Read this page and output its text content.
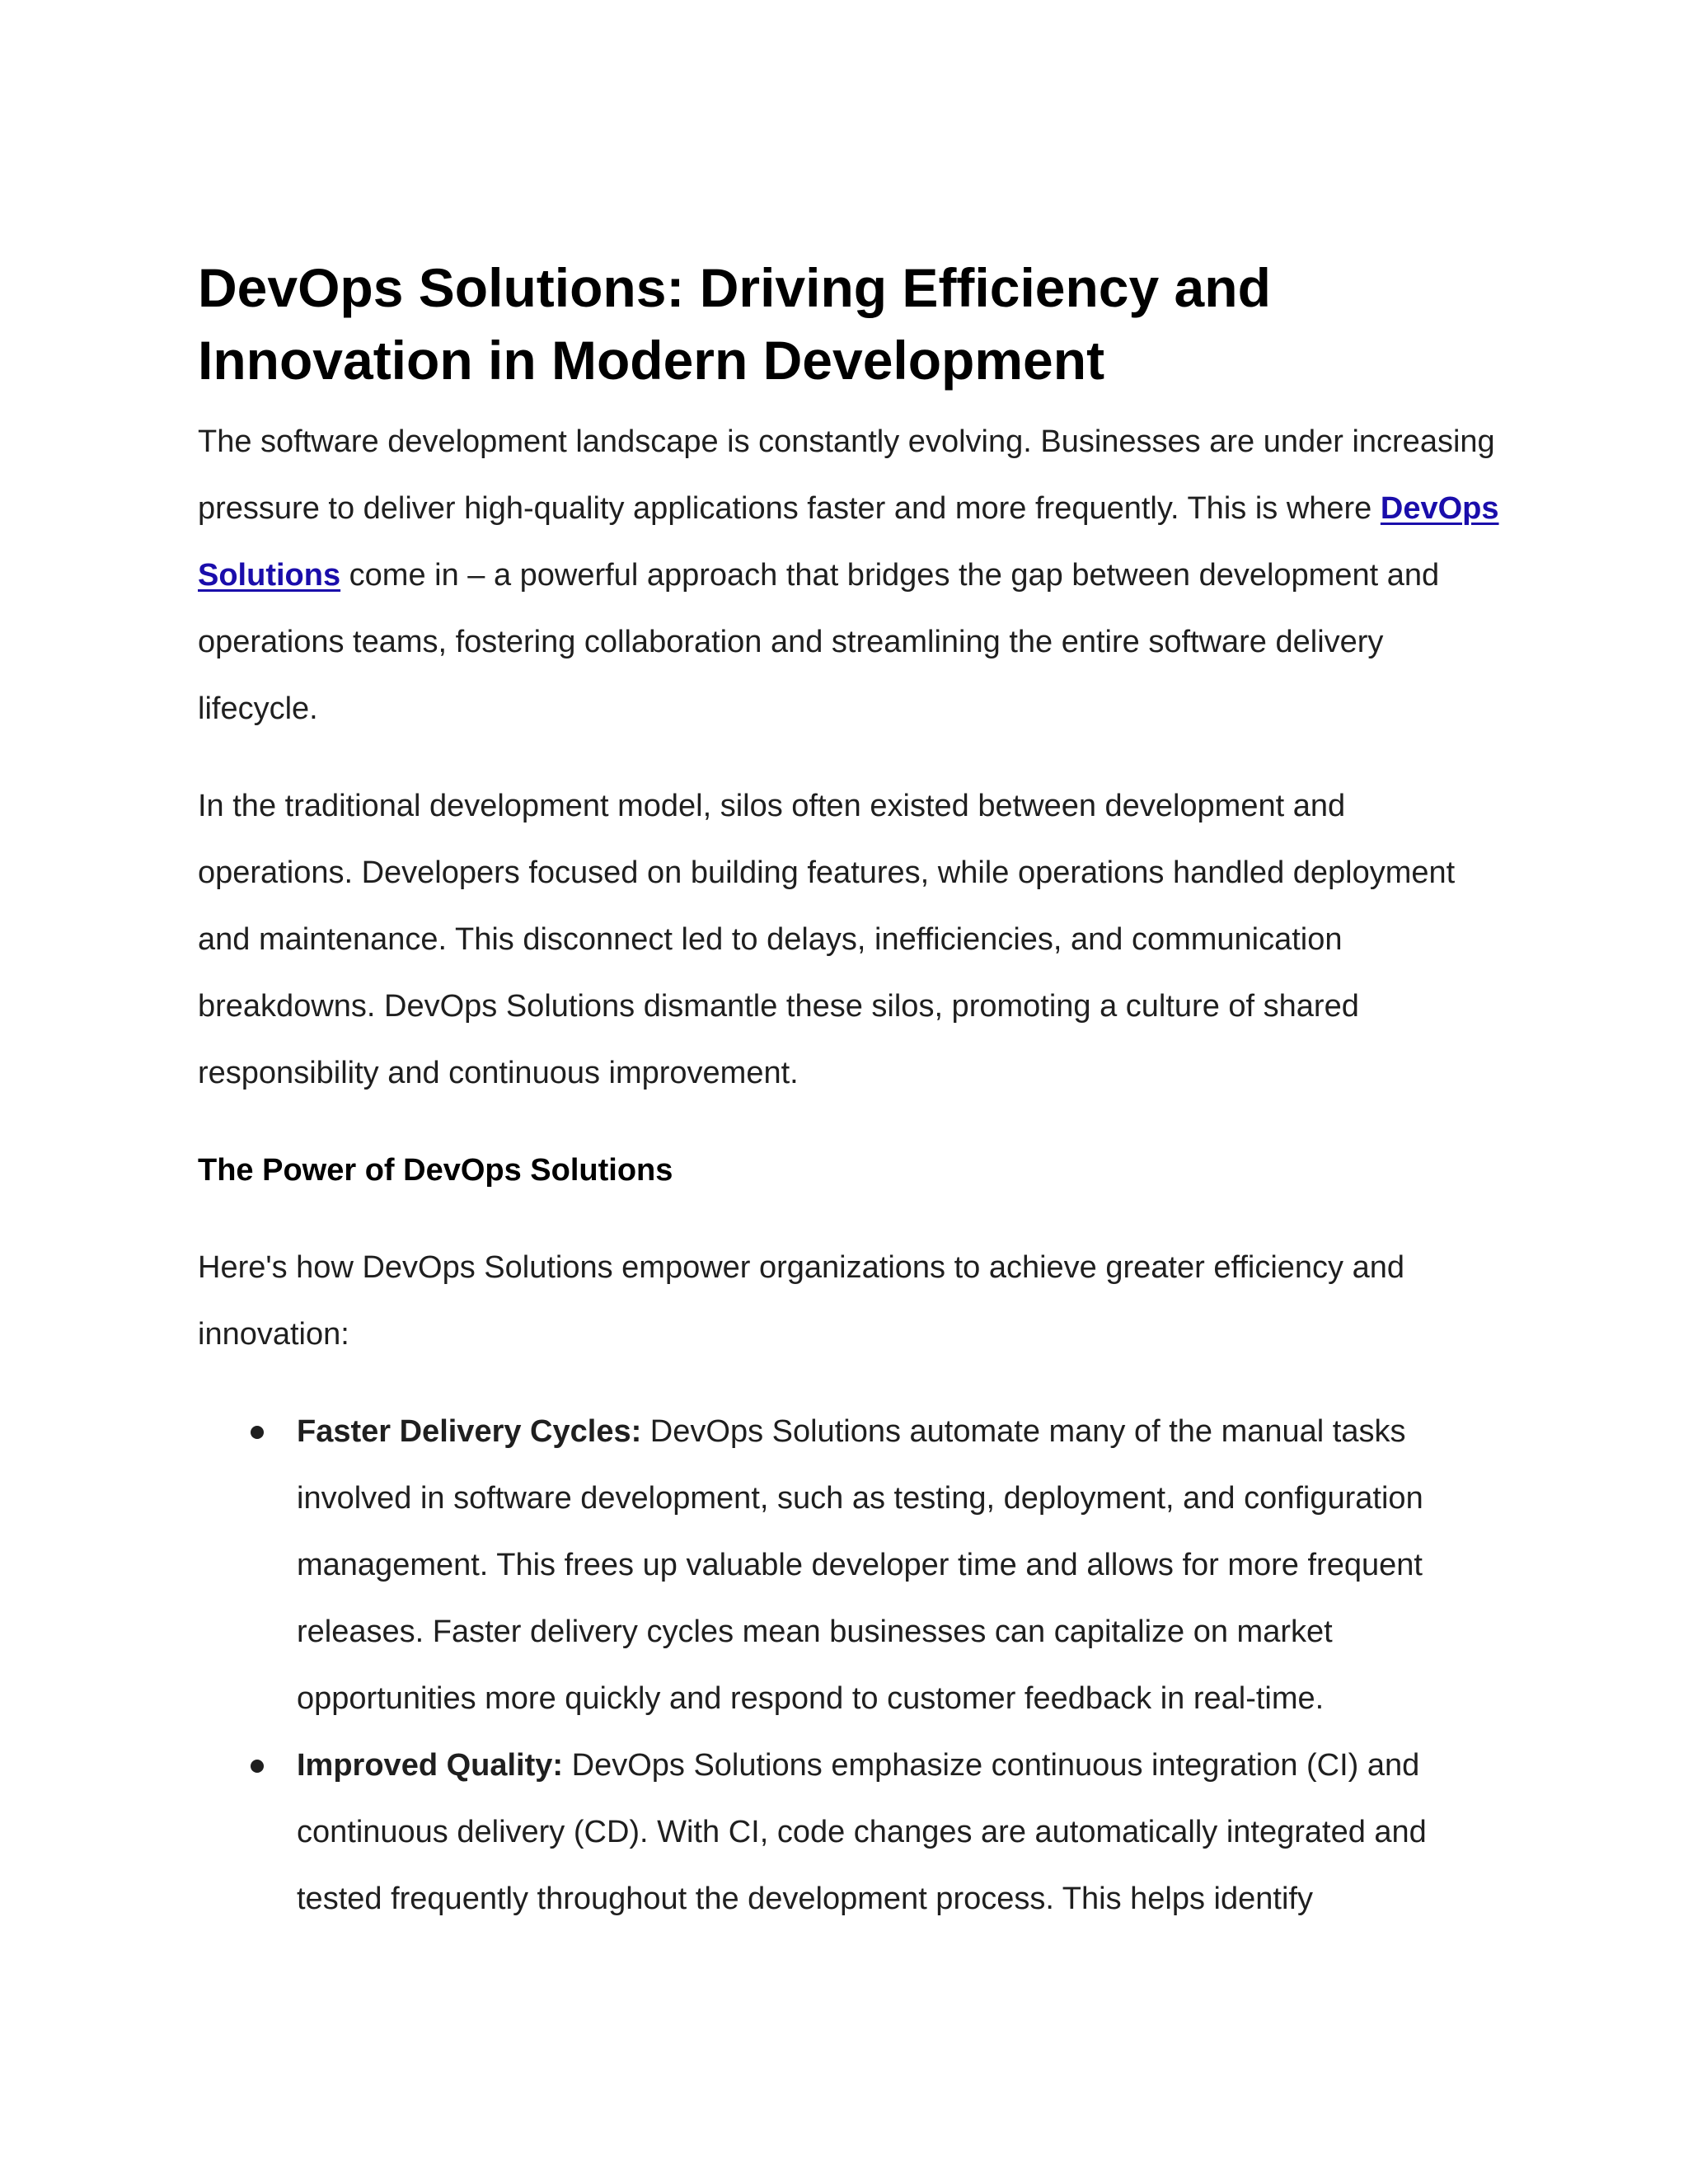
DevOps Solutions: Driving Efficiency and Innovation in Modern Development

The software development landscape is constantly evolving. Businesses are under increasing pressure to deliver high-quality applications faster and more frequently. This is where DevOps Solutions come in – a powerful approach that bridges the gap between development and operations teams, fostering collaboration and streamlining the entire software delivery lifecycle.

In the traditional development model, silos often existed between development and operations. Developers focused on building features, while operations handled deployment and maintenance. This disconnect led to delays, inefficiencies, and communication breakdowns. DevOps Solutions dismantle these silos, promoting a culture of shared responsibility and continuous improvement.

The Power of DevOps Solutions

Here's how DevOps Solutions empower organizations to achieve greater efficiency and innovation:

Faster Delivery Cycles: DevOps Solutions automate many of the manual tasks involved in software development, such as testing, deployment, and configuration management. This frees up valuable developer time and allows for more frequent releases. Faster delivery cycles mean businesses can capitalize on market opportunities more quickly and respond to customer feedback in real-time.
Improved Quality: DevOps Solutions emphasize continuous integration (CI) and continuous delivery (CD). With CI, code changes are automatically integrated and tested frequently throughout the development process. This helps identify
